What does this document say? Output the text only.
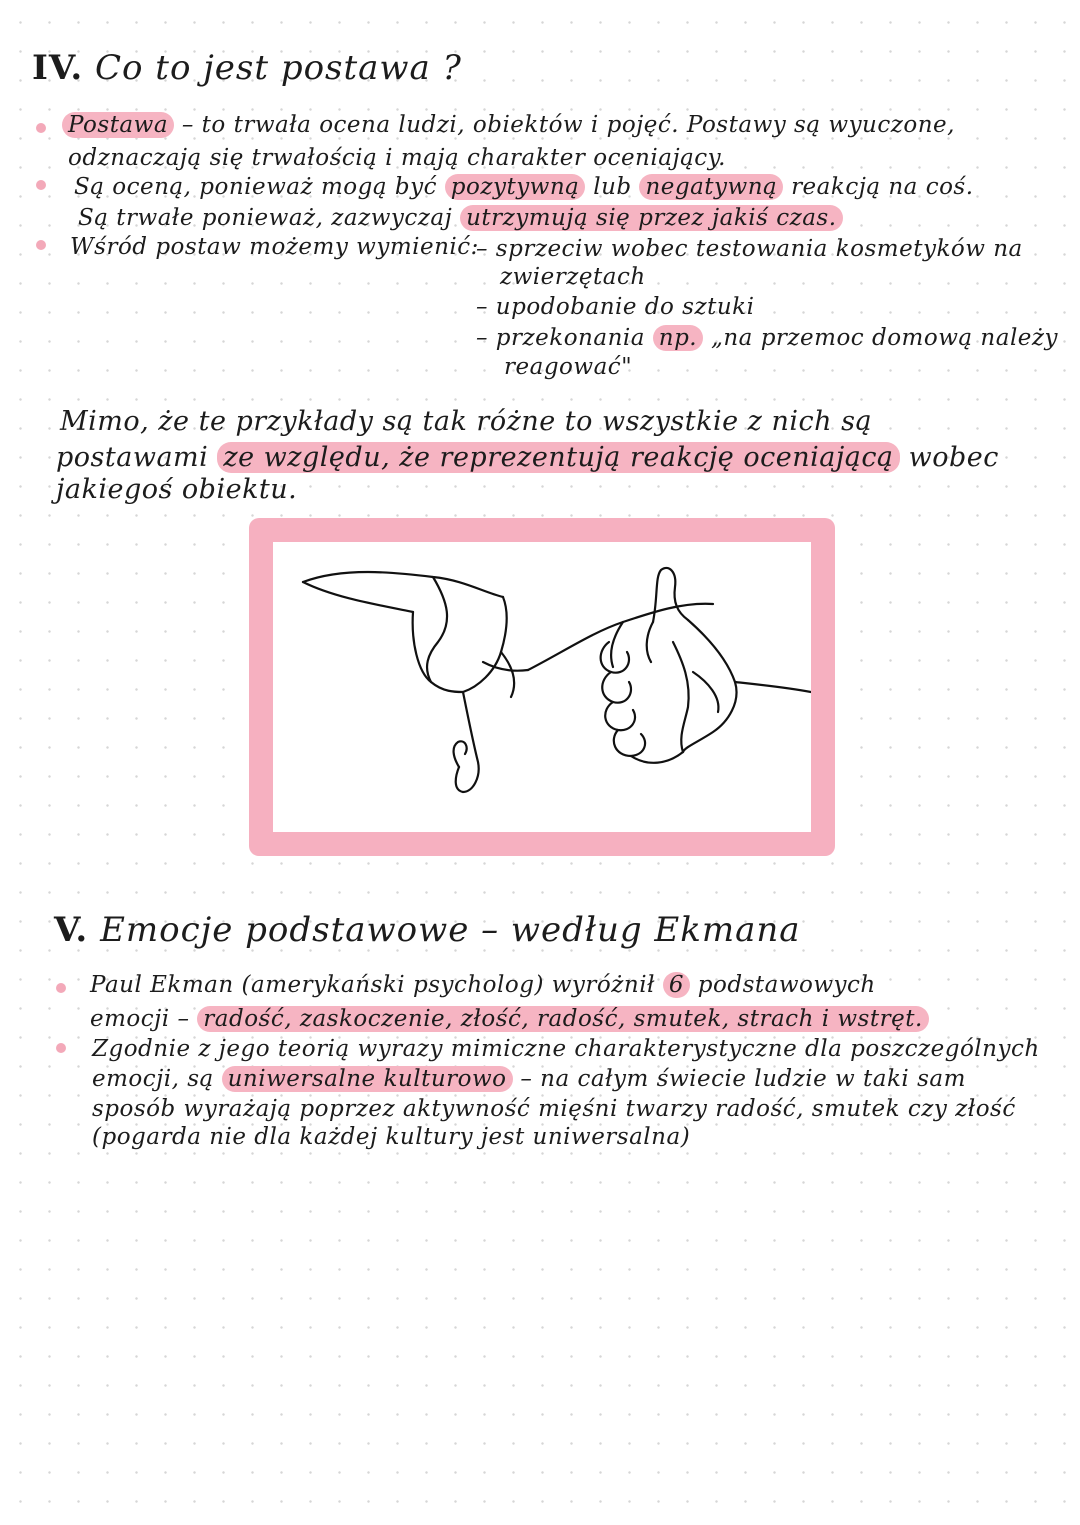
IV. Co to jest postawa ?
Postawa – to trwała ocena ludzi, obiektów i pojęć. Postawy są wyuczone,
odznaczają się trwałością i mają charakter oceniający.
Są oceną, ponieważ mogą być pozytywną lub negatywną reakcją na coś.
Są trwałe ponieważ, zazwyczaj utrzymują się przez jakiś czas.
Wśród postaw możemy wymienić:
– sprzeciw wobec testowania kosmetyków na
zwierzętach
– upodobanie do sztuki
– przekonania np. „na przemoc domową należy
reagować"
Mimo, że te przykłady są tak różne to wszystkie z nich są
postawami ze względu, że reprezentują reakcję oceniającą wobec
jakiegoś obiektu.
V. Emocje podstawowe – według Ekmana
Paul Ekman (amerykański psycholog) wyróżnił 6 podstawowych
emocji – radość, zaskoczenie, złość, radość, smutek, strach i wstręt.
Zgodnie z jego teorią wyrazy mimiczne charakterystyczne dla poszczególnych
emocji, są uniwersalne kulturowo – na całym świecie ludzie w taki sam
sposób wyrażają poprzez aktywność mięśni twarzy radość, smutek czy złość
(pogarda nie dla każdej kultury jest uniwersalna)
